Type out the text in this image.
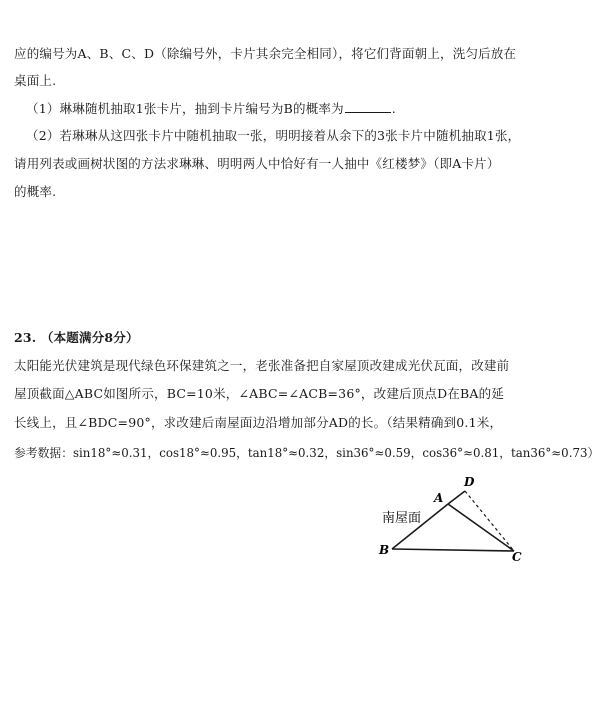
应的编号为A、B、C、D（除编号外，卡片其余完全相同），将它们背面朝上，洗匀后放在
桌面上.
（1）琳琳随机抽取1张卡片，抽到卡片编号为B的概率为	.
（2）若琳琳从这四张卡片中随机抽取一张，明明接着从余下的3张卡片中随机抽取1张，
请用列表或画树状图的方法求琳琳、明明两人中恰好有一人抽中《红楼梦》（即A卡片）
的概率.
23. （本题满分8分）
太阳能光伏建筑是现代绿色环保建筑之一，老张准备把自家屋顶改建成光伏瓦面，改建前
屋顶截面△ABC如图所示，BC=10米，∠ABC=∠ACB=36°，改建后顶点D在BA的延
长线上，且∠BDC=90°，求改建后南屋面边沿增加部分AD的长。（结果精确到0.1米，
参考数据：sin18°≈0.31，cos18°≈0.95，tan18°≈0.32，sin36°≈0.59，cos36°≈0.81，tan36°≈0.73）
南屋面
A
B	C
D
